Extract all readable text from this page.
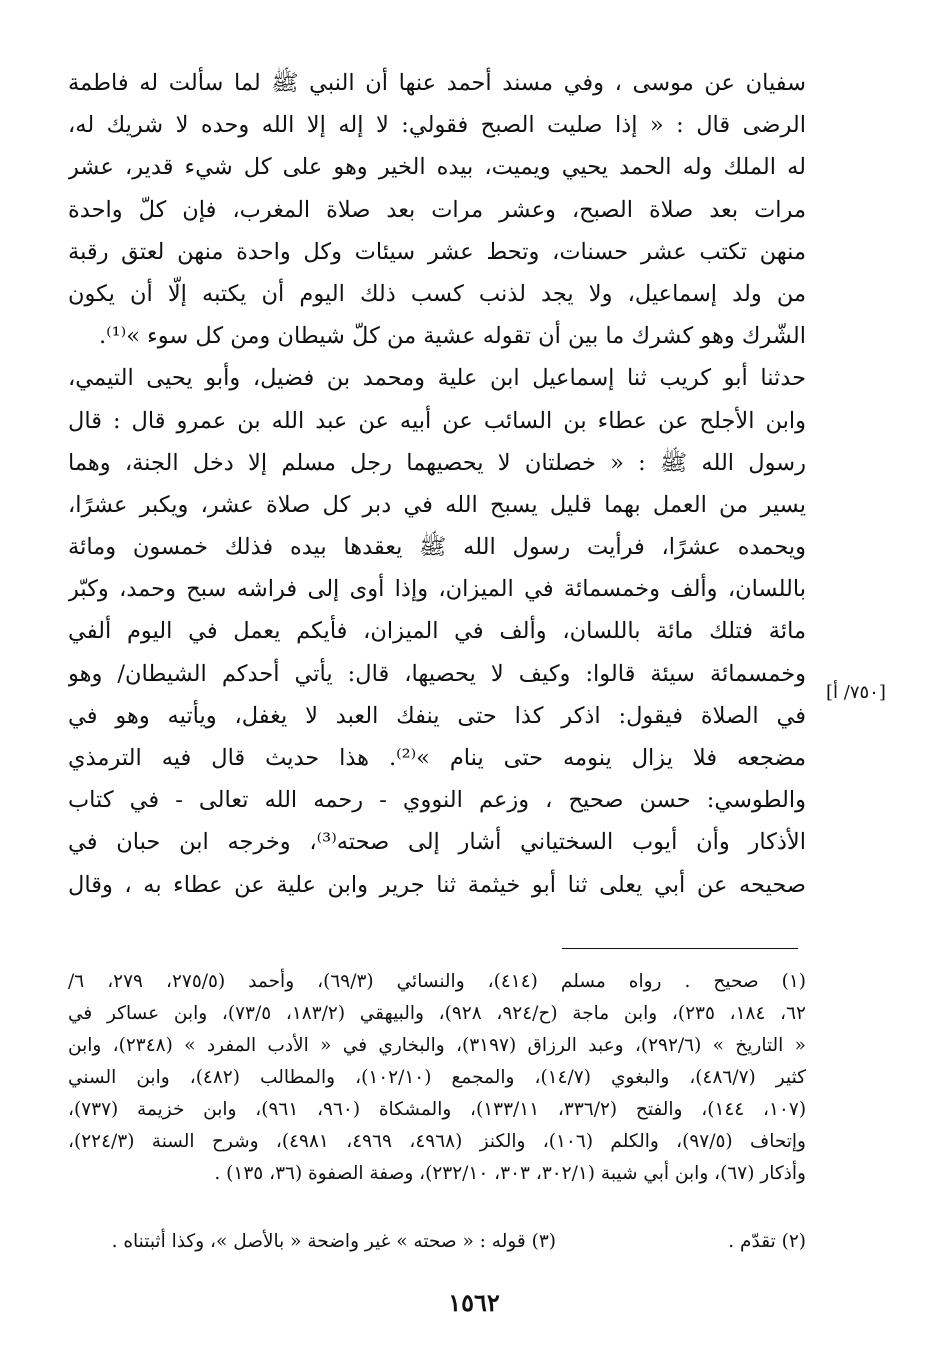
سفيان عن موسى ، وفي مسند أحمد عنها أن النبي ﷺ لما سألت له فاطمة
الرضى قال : « إذا صليت الصبح فقولي: لا إله إلا الله وحده لا شريك له،
له الملك وله الحمد يحيي ويميت، بيده الخير وهو على كل شيء قدير، عشر
مرات بعد صلاة الصبح، وعشر مرات بعد صلاة المغرب، فإن كلّ واحدة
منهن تكتب عشر حسنات، وتحط عشر سيئات وكل واحدة منهن لعتق رقبة
من ولد إسماعيل، ولا يجد لذنب كسب ذلك اليوم أن يكتبه إلّا أن يكون
الشّرك وهو كشرك ما بين أن تقوله عشية من كلّ شيطان ومن كل سوء »⁽¹⁾.
حدثنا أبو كريب ثنا إسماعيل ابن علية ومحمد بن فضيل، وأبو يحيى التيمي،
وابن الأجلح عن عطاء بن السائب عن أبيه عن عبد الله بن عمرو قال : قال
رسول الله ﷺ : « خصلتان لا يحصيهما رجل مسلم إلا دخل الجنة، وهما
يسير من العمل بهما قليل يسبح الله في دبر كل صلاة عشر، ويكبر عشرًا،
ويحمده عشرًا، فرأيت رسول الله ﷺ يعقدها بيده فذلك خمسون ومائة
باللسان، وألف وخمسمائة في الميزان، وإذا أوى إلى فراشه سبح وحمد، وكبّر
مائة فتلك مائة باللسان، وألف في الميزان، فأيكم يعمل في اليوم ألفي
وخمسمائة سيئة قالوا: وكيف لا يحصيها، قال: يأتي أحدكم الشيطان/ وهو
في الصلاة فيقول: اذكر كذا حتى ينفك العبد لا يغفل، ويأتيه وهو في
مضجعه فلا يزال ينومه حتى ينام »⁽²⁾. هذا حديث قال فيه الترمذي
والطوسي: حسن صحيح ، وزعم النووي - رحمه الله تعالى - في كتاب
الأذكار وأن أيوب السختياني أشار إلى صحته⁽³⁾، وخرجه ابن حبان في
صحيحه عن أبي يعلى ثنا أبو خيثمة ثنا جرير وابن علية عن عطاء به ، وقال
[٧٥٠/ أ]
(١) صحيح . رواه مسلم (٤١٤)، والنسائي (٦٩/٣)، وأحمد (٢٧٥/٥، ٢٧٩، ٦/
٦٢، ١٨٤، ٢٣٥)، وابن ماجة (ح/٩٢٤، ٩٢٨)، والبيهقي (١٨٣/٢، ٧٣/٥)، وابن عساكر في
« التاريخ » (٢٩٢/٦)، وعبد الرزاق (٣١٩٧)، والبخاري في « الأدب المفرد » (٢٣٤٨)، وابن
كثير (٤٨٦/٧)، والبغوي (١٤/٧)، والمجمع (١٠٢/١٠)، والمطالب (٤٨٢)، وابن السني
(١٠٧، ١٤٤)، والفتح (٣٣٦/٢، ١٣٣/١١)، والمشكاة (٩٦٠، ٩٦١)، وابن خزيمة (٧٣٧)،
وإتحاف (٩٧/٥)، والكلم (١٠٦)، والكنز (٤٩٦٨، ٤٩٦٩، ٤٩٨١)، وشرح السنة (٢٢٤/٣)،
وأذكار (٦٧)، وابن أبي شيبة (٣٠٢/١، ٣٠٣، ٢٣٢/١٠)، وصفة الصفوة (٣٦، ١٣٥) .
(٢) تقدّم .
(٣) قوله : « صحته » غير واضحة « بالأصل »، وكذا أثبتناه .
١٥٦٢
